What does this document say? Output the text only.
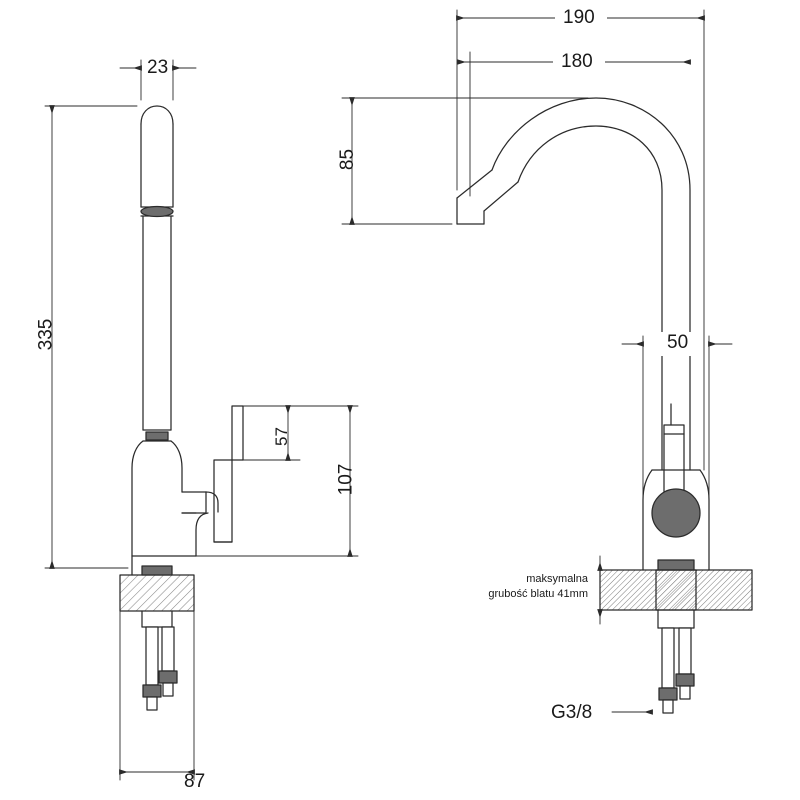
23
335
87
57
107
190
180
85
50
G3/8
maksymalna
grubość blatu 41mm
